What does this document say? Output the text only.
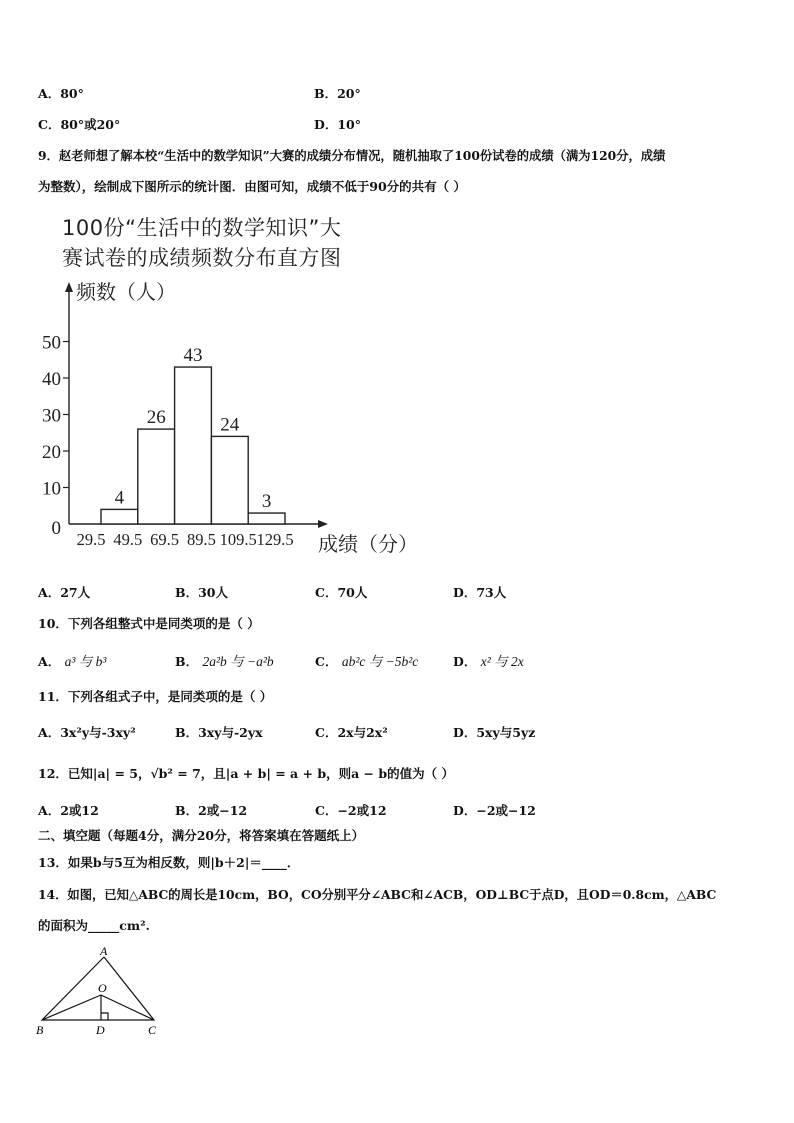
A．80°	B．20°
C．80°或20°	D．10°
9．赵老师想了解本校“生活中的数学知识”大赛的成绩分布情况，随机抽取了100份试卷的成绩（满为120分，成绩
为整数），绘制成下图所示的统计图．由图可知，成绩不低于90分的共有（ ）
100份“生活中的数学知识”大
赛试卷的成绩频数分布直方图
频数（人）
成绩（分）
0
10
20
30
40
50
4
26
43
24
3
29.5 49.5 69.5 89.5 109.5 129.5
A．27人	B．30人	C．70人	D．73人
10．下列各组整式中是同类项的是（ ）
A． a³ 与 b³	B． 2a²b 与 −a²b	C． ab²c 与 −5b²c	D． x² 与 2x
11．下列各组式子中，是同类项的是（ ）
A．3x²y与-3xy²	B．3xy与-2yx	C．2x与2x²	D．5xy与5yz
12．已知|a| = 5，√b² = 7，且|a + b| = a + b，则a − b的值为（ ）
A．2或12	B．2或−12	C．−2或12	D．−2或−12
二、填空题（每题4分，满分20分，将答案填在答题纸上）
13．如果b与5互为相反数，则|b＋2|＝____．
14．如图，已知△ABC的周长是10cm，BO，CO分别平分∠ABC和∠ACB，OD⊥BC于点D，且OD＝0.8cm，△ABC
的面积为_____cm².
A
O
B	D	C
